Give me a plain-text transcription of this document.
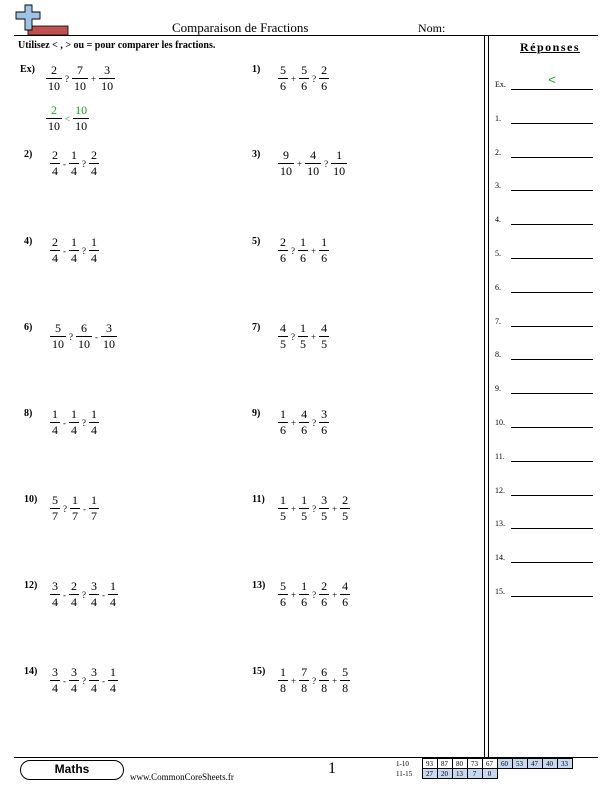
Comparaison de Fractions	Nom:
Utilisez < , > ou = pour comparer les fractions.	Réponses
$Ex) \frac{2}{10}$ ? $\frac{7}{10} + \frac{3}{10}$
$\frac{2}{10} < \frac{10}{10}$
1)	$\frac{5}{6} + \frac{5}{6}$ ? $\frac{2}{6}$
2)	$\frac{2}{4} - \frac{1}{4}$ ? $\frac{2}{4}$	3)	$\frac{9}{10} + \frac{4}{10}$ ? $\frac{1}{10}$
4)	$\frac{2}{4} - \frac{1}{4}$ ? $\frac{1}{4}$	5)	$\frac{2}{6}$ ? $\frac{1}{6} + \frac{1}{6}$
6)	$\frac{5}{10}$ ? $\frac{6}{10} - \frac{3}{10}$	7)	$\frac{4}{5}$ ? $\frac{1}{5} + \frac{4}{5}$
8)	$\frac{1}{4} - \frac{1}{4}$ ? $\frac{1}{4}$	9)	$\frac{1}{6} + \frac{4}{6}$ ? $\frac{3}{6}$
10)	$\frac{5}{7}$ ? $\frac{1}{7} - \frac{1}{7}$	11)	$\frac{1}{5} + \frac{1}{5}$ ? $\frac{3}{5} + \frac{2}{5}$
12)	$\frac{3}{4} - \frac{2}{4}$ ? $\frac{3}{4} - \frac{1}{4}$	13)	$\frac{5}{6} + \frac{1}{6}$ ? $\frac{2}{6} + \frac{4}{6}$
14)	$\frac{3}{4} - \frac{3}{4}$ ? $\frac{3}{4} - \frac{1}{4}$	15)	$\frac{1}{8} + \frac{7}{8}$ ? $\frac{6}{8} + \frac{5}{8}$
Ex.	<
1.
2.
3.
4.
5.
6.
7.
8.
9.
10.
11.
12.
13.
14.
15.
Maths
www.CommonCoreSheets.fr	1	1-10	93	87	80	73	67	60	53	47	40	33
11-15	27	20	13	7	0					
